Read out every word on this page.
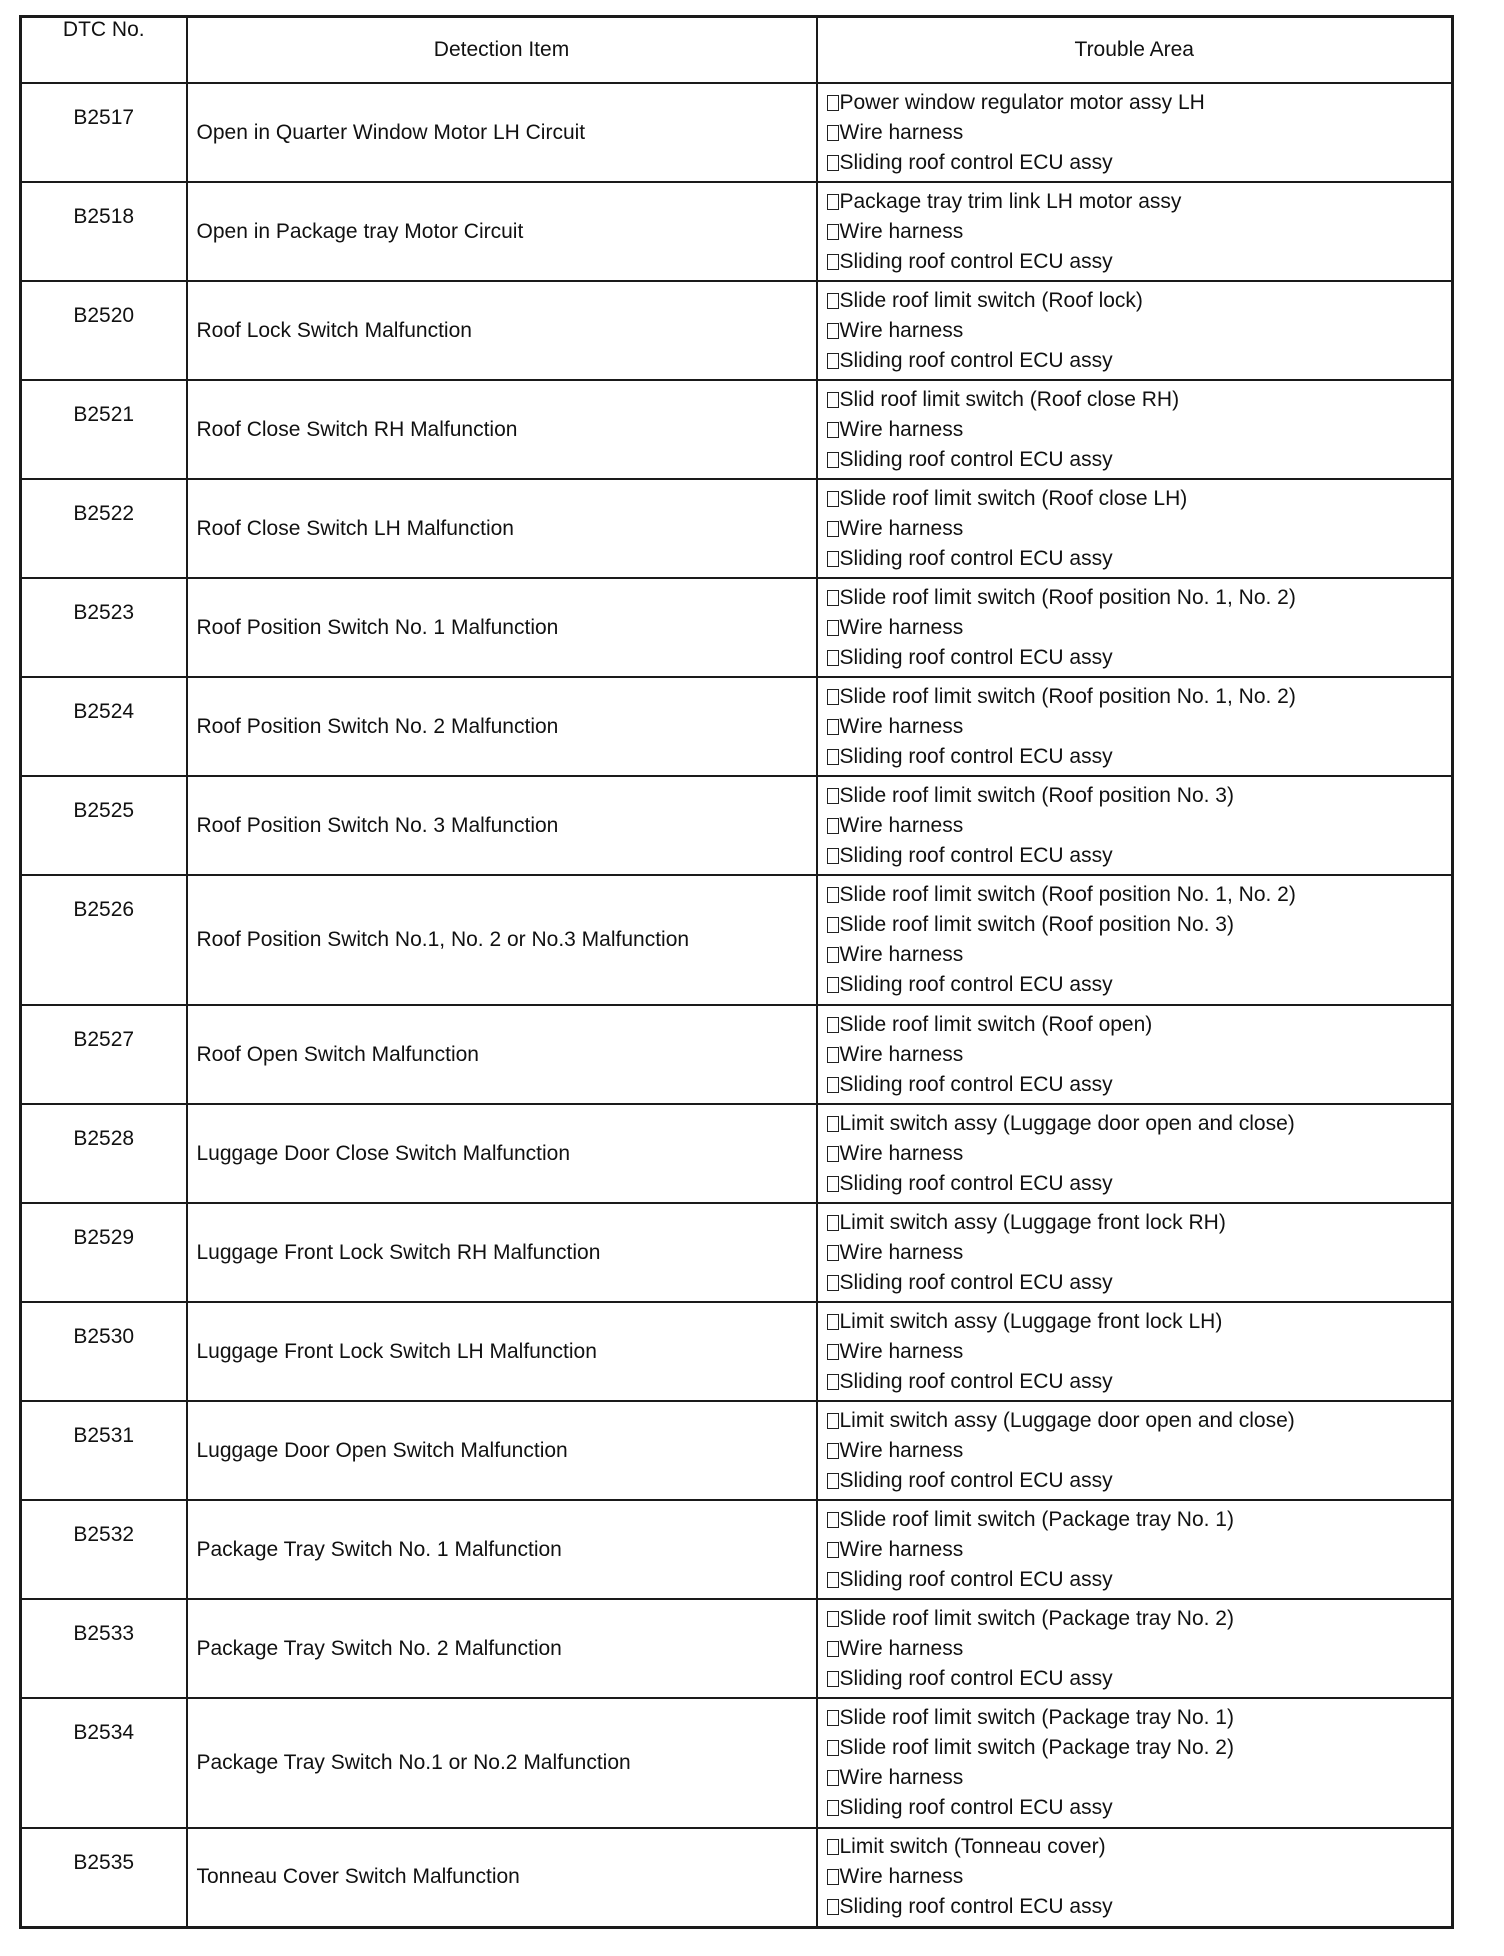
DTC No.	Detection Item	Trouble Area
B2517	Open in Quarter Window Motor LH Circuit	Power window regulator motor assy LH
Wire harness
Sliding roof control ECU assy

B2518	Open in Package tray Motor Circuit	Package tray trim link LH motor assy
Wire harness
Sliding roof control ECU assy

B2520	Roof Lock Switch Malfunction	Slide roof limit switch (Roof lock)
Wire harness
Sliding roof control ECU assy

B2521	Roof Close Switch RH Malfunction	Slid roof limit switch (Roof close RH)
Wire harness
Sliding roof control ECU assy

B2522	Roof Close Switch LH Malfunction	Slide roof limit switch (Roof close LH)
Wire harness
Sliding roof control ECU assy

B2523	Roof Position Switch No. 1 Malfunction	Slide roof limit switch (Roof position No. 1, No. 2)
Wire harness
Sliding roof control ECU assy

B2524	Roof Position Switch No. 2 Malfunction	Slide roof limit switch (Roof position No. 1, No. 2)
Wire harness
Sliding roof control ECU assy

B2525	Roof Position Switch No. 3 Malfunction	Slide roof limit switch (Roof position No. 3)
Wire harness
Sliding roof control ECU assy

B2526	Roof Position Switch No.1, No. 2 or No.3 Malfunction	Slide roof limit switch (Roof position No. 1, No. 2)
Slide roof limit switch (Roof position No. 3)
Wire harness
Sliding roof control ECU assy

B2527	Roof Open Switch Malfunction	Slide roof limit switch (Roof open)
Wire harness
Sliding roof control ECU assy

B2528	Luggage Door Close Switch Malfunction	Limit switch assy (Luggage door open and close)
Wire harness
Sliding roof control ECU assy

B2529	Luggage Front Lock Switch RH Malfunction	Limit switch assy (Luggage front lock RH)
Wire harness
Sliding roof control ECU assy

B2530	Luggage Front Lock Switch LH Malfunction	Limit switch assy (Luggage front lock LH)
Wire harness
Sliding roof control ECU assy

B2531	Luggage Door Open Switch Malfunction	Limit switch assy (Luggage door open and close)
Wire harness
Sliding roof control ECU assy

B2532	Package Tray Switch No. 1 Malfunction	Slide roof limit switch (Package tray No. 1)
Wire harness
Sliding roof control ECU assy

B2533	Package Tray Switch No. 2 Malfunction	Slide roof limit switch (Package tray No. 2)
Wire harness
Sliding roof control ECU assy

B2534	Package Tray Switch No.1 or No.2 Malfunction	Slide roof limit switch (Package tray No. 1)
Slide roof limit switch (Package tray No. 2)
Wire harness
Sliding roof control ECU assy

B2535	Tonneau Cover Switch Malfunction	Limit switch (Tonneau cover)
Wire harness
Sliding roof control ECU assy
